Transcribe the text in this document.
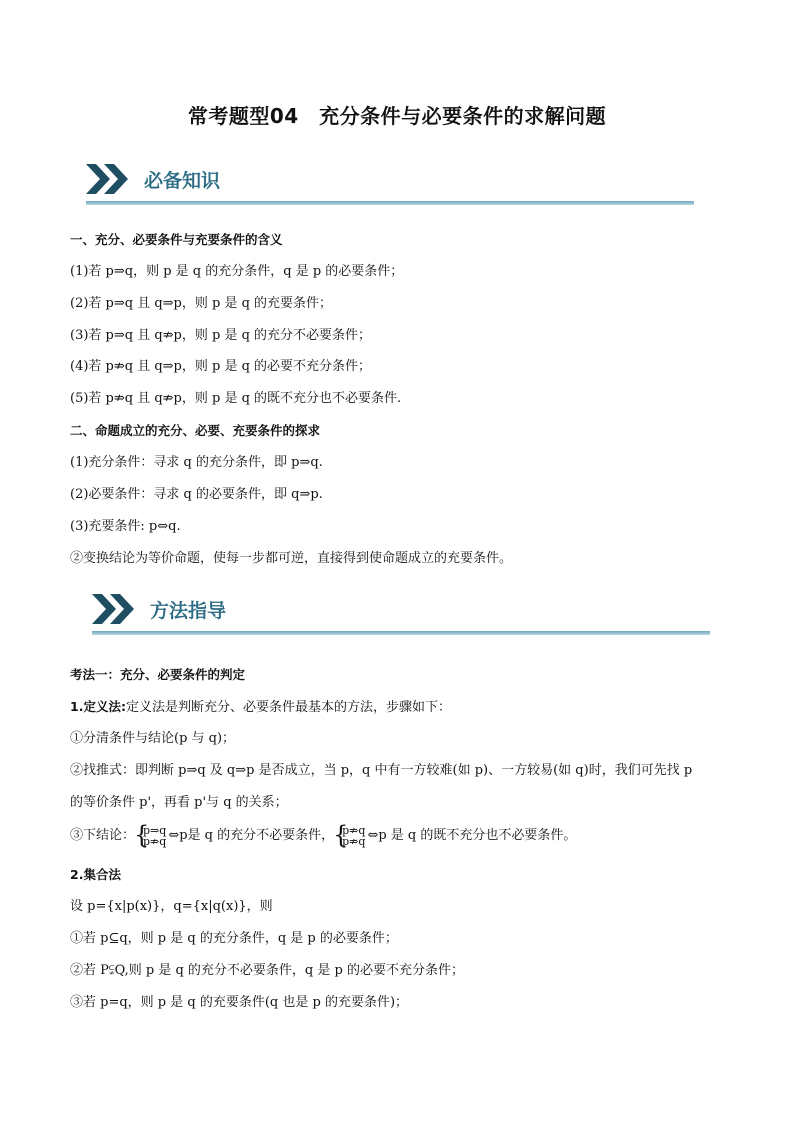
常考题型04　充分条件与必要条件的求解问题
必备知识
一、充分、必要条件与充要条件的含义
(1)若 p⇒q，则 p 是 q 的充分条件，q 是 p 的必要条件；
(2)若 p⇒q 且 q⇒p，则 p 是 q 的充要条件；
(3)若 p⇒q 且 q⇏p，则 p 是 q 的充分不必要条件；
(4)若 p⇏q 且 q⇒p，则 p 是 q 的必要不充分条件；
(5)若 p⇏q 且 q⇏p，则 p 是 q 的既不充分也不必要条件.
二、命题成立的充分、必要、充要条件的探求
(1)充分条件：寻求 q 的充分条件，即 p⇒q.
(2)必要条件：寻求 q 的必要条件，即 q⇒p.
(3)充要条件: p⇔q.
②变换结论为等价命题，使每一步都可逆，直接得到使命题成立的充要条件。
方法指导
考法一：充分、必要条件的判定
1.定义法:定义法是判断充分、必要条件最基本的方法，步骤如下：
①分清条件与结论(p 与 q)；
②找推式：即判断 p⇒q 及 q⇒p 是否成立，当 p，q 中有一方较难(如 p)、一方较易(如 q)时，我们可先找 p
的等价条件 p'，再看 p'与 q 的关系；
③下结论： { p⇒q
p⇏q ⇔p是 q 的充分不必要条件， { p⇏q
p⇏q ⇔p 是 q 的既不充分也不必要条件。
2.集合法
设 p={x|p(x)}，q={x|q(x)}，则
①若 p⊆q，则 p 是 q 的充分条件，q 是 p 的必要条件；
②若 P⫋Q,则 p 是 q 的充分不必要条件，q 是 p 的必要不充分条件；
③若 p=q，则 p 是 q 的充要条件(q 也是 p 的充要条件)；
